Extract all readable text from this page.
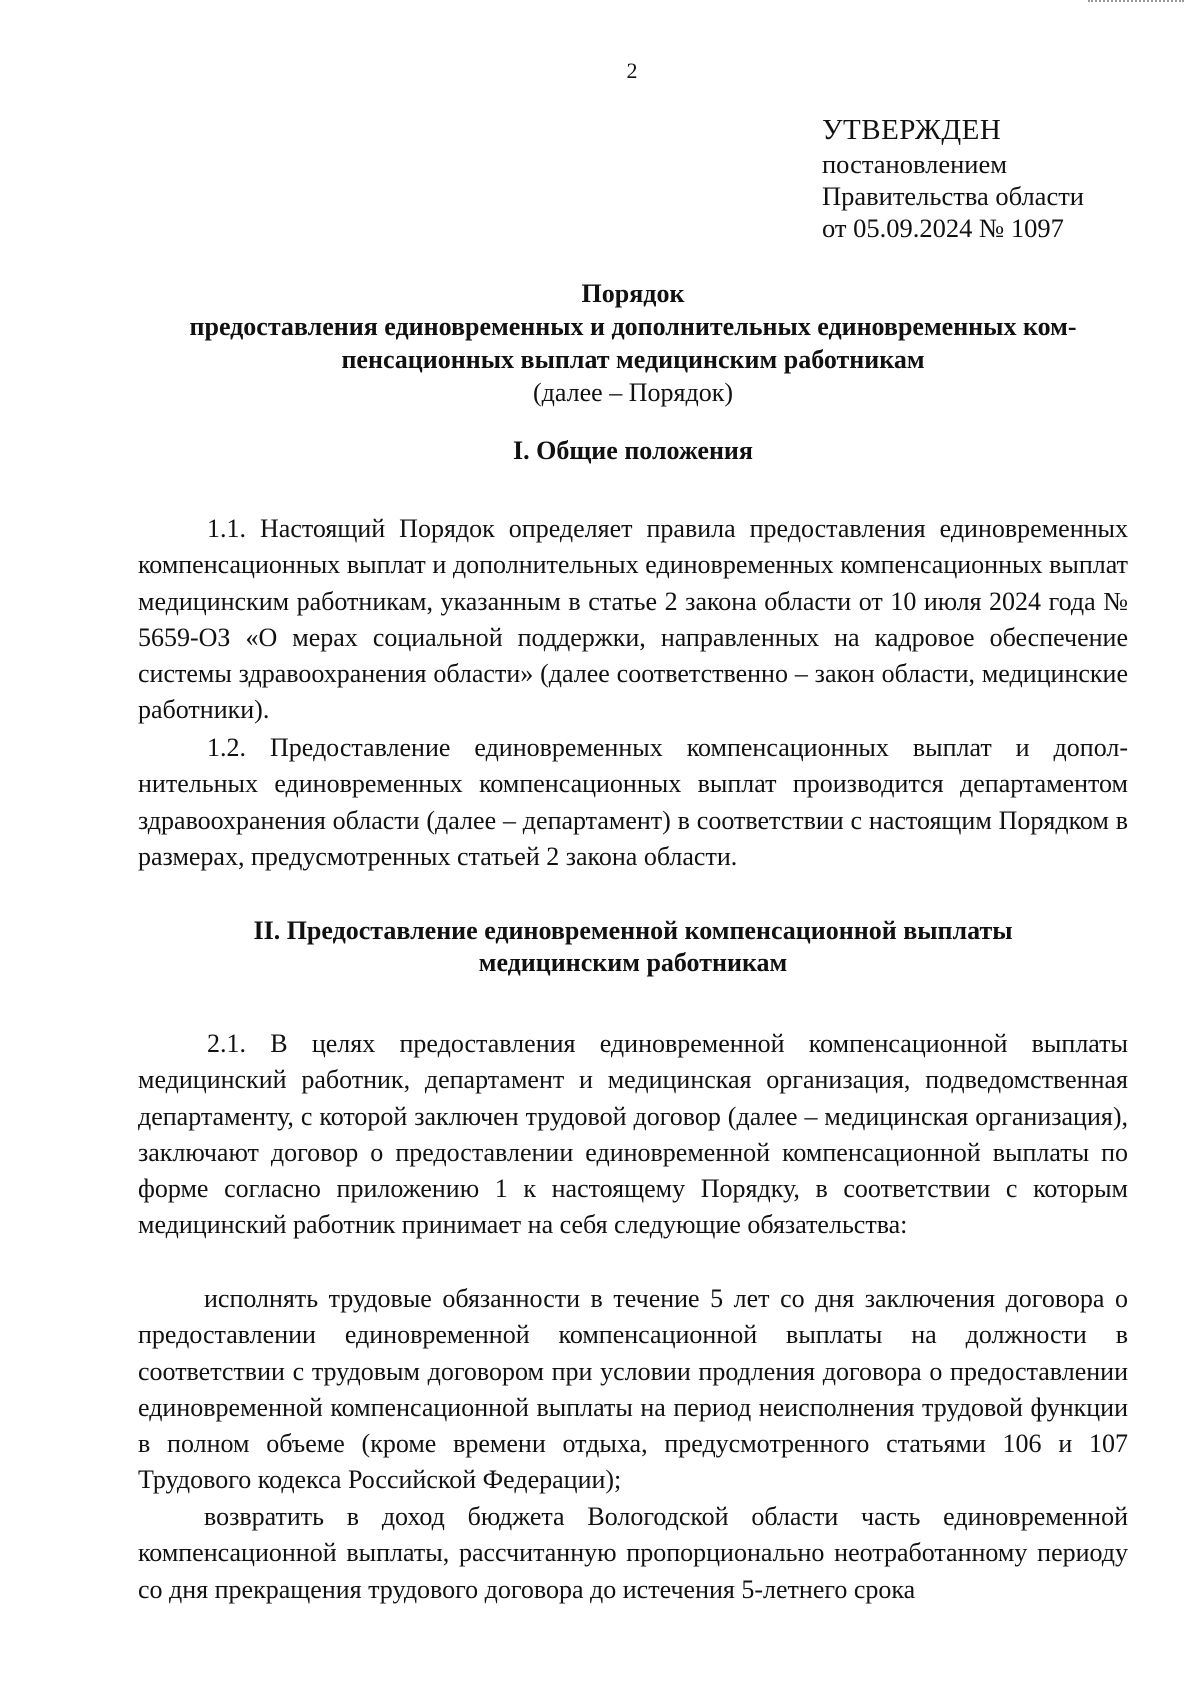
2
УТВЕРЖДЕН
постановлением
Правительства области
от 05.09.2024 № 1097
Порядок
предоставления единовременных и дополнительных единовременных ком-
пенсационных выплат медицинским работникам
(далее – Порядок)
I. Общие положения
1.1. Настоящий Порядок определяет правила предоставления единовременных компенсационных выплат и дополнительных единовременных компенсационных выплат медицинским работникам, указанным в статье 2 закона области от 10 июля 2024 года № 5659-ОЗ «О мерах социальной поддержки, направленных на кадровое обеспечение системы здравоохранения области» (далее соответственно – закон области, медицинские работники).
1.2. Предоставление единовременных компенсационных выплат и дополнительных единовременных компенсационных выплат производится департаментом здравоохранения области (далее – департамент) в соответствии с настоящим Порядком в размерах, предусмотренных статьей 2 закона области.
II. Предоставление единовременной компенсационной выплаты
медицинским работникам
2.1. В целях предоставления единовременной компенсационной выплаты медицинский работник, департамент и медицинская организация, подведомственная департаменту, с которой заключен трудовой договор (далее – медицинская организация), заключают договор о предоставлении единовременной компенсационной выплаты по форме согласно приложению 1 к настоящему Порядку, в соответствии с которым медицинский работник принимает на себя следующие обязательства:
исполнять трудовые обязанности в течение 5 лет со дня заключения договора о предоставлении единовременной компенсационной выплаты на должности в соответствии с трудовым договором при условии продления договора о предоставлении единовременной компенсационной выплаты на период неисполнения трудовой функции в полном объеме (кроме времени отдыха, предусмотренного статьями 106 и 107 Трудового кодекса Российской Федерации);
возвратить в доход бюджета Вологодской области часть единовременной компенсационной выплаты, рассчитанную пропорционально неотработанному периоду со дня прекращения трудового договора до истечения 5-летнего срока
